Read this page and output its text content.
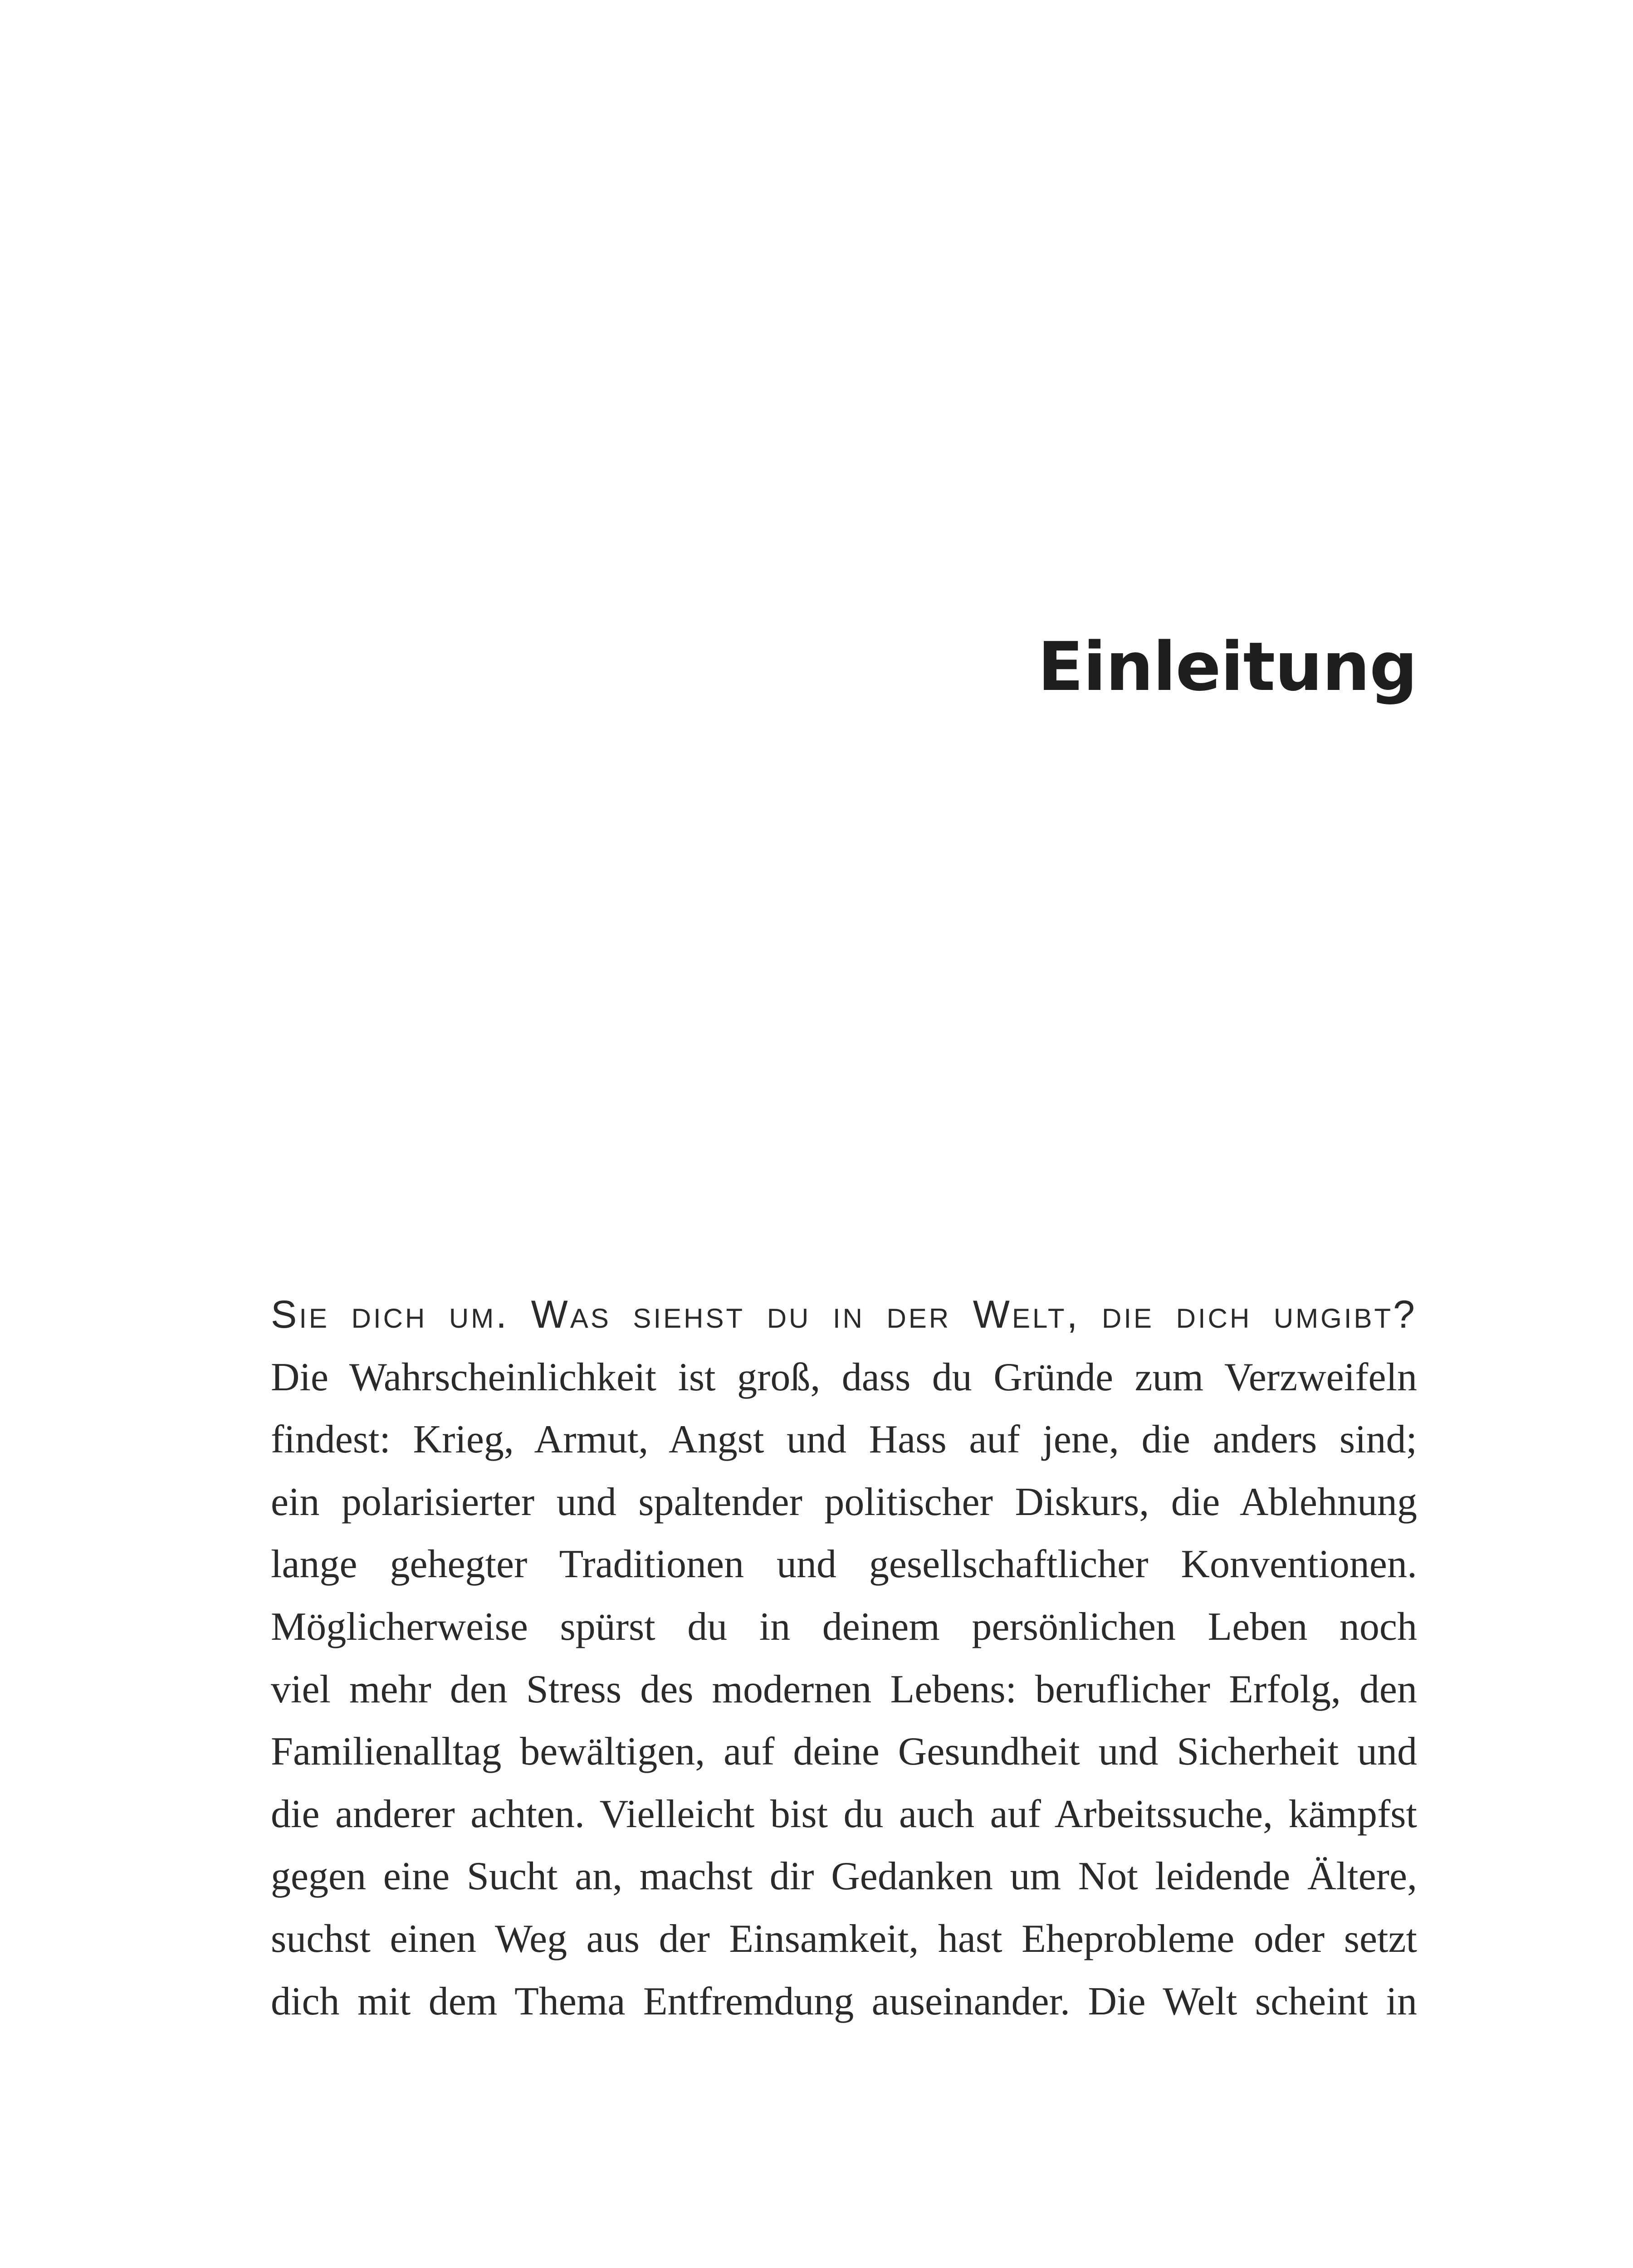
Einleitung
Sie dich um. Was siehst du in der Welt, die dich umgibt?
Die Wahrscheinlichkeit ist groß, dass du Gründe zum Verzweifeln
findest: Krieg, Armut, Angst und Hass auf jene, die anders sind;
ein polarisierter und spaltender politischer Diskurs, die Ablehnung
lange gehegter Traditionen und gesellschaftlicher Konventionen.
Möglicherweise spürst du in deinem persönlichen Leben noch
viel mehr den Stress des modernen Lebens: beruflicher Erfolg, den
Familienalltag bewältigen, auf deine Gesundheit und Sicherheit und
die anderer achten. Vielleicht bist du auch auf Arbeitssuche, kämpfst
gegen eine Sucht an, machst dir Gedanken um Not leidende Ältere,
suchst einen Weg aus der Einsamkeit, hast Eheprobleme oder setzt
dich mit dem Thema Entfremdung auseinander. Die Welt scheint in
